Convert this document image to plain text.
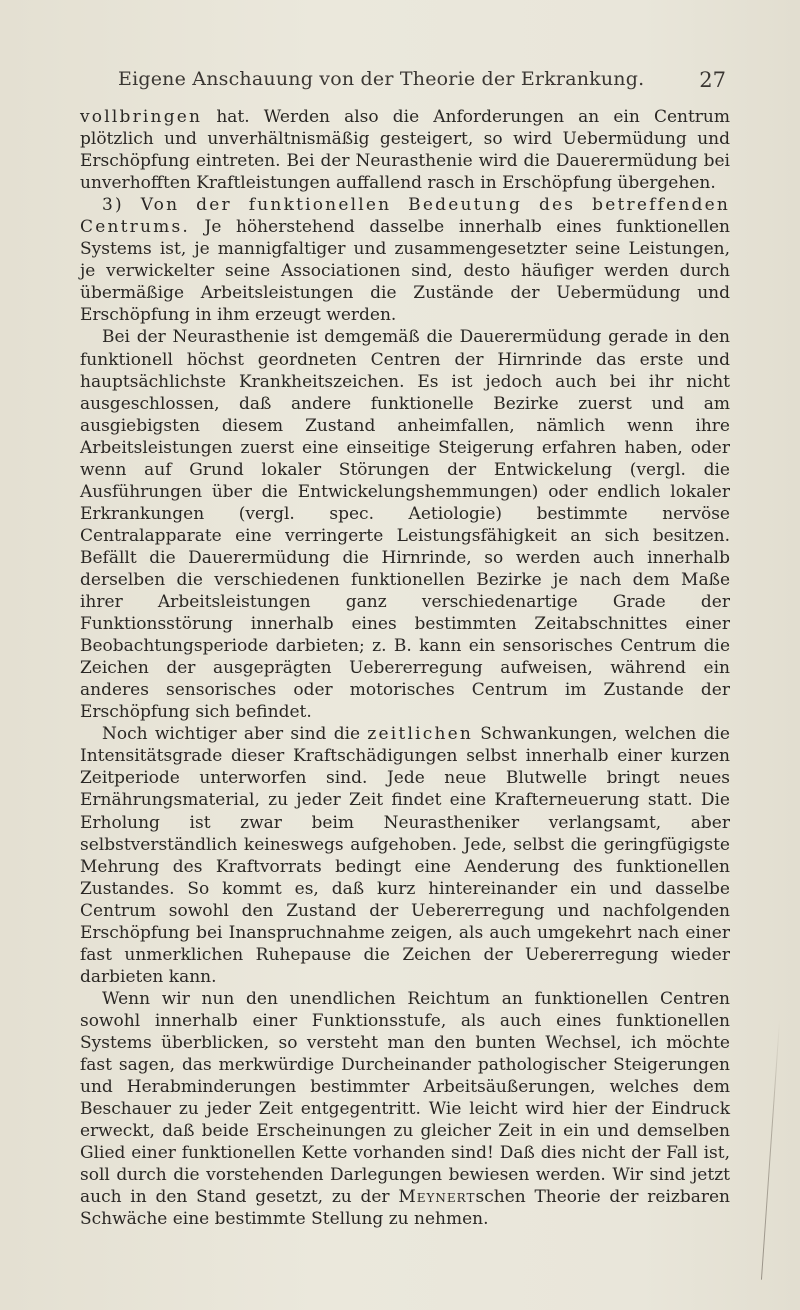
Eigene Anschauung von der Theorie der Erkrankung.	27

vollbringen hat. Werden also die Anforderungen an ein Centrum plötzlich und unverhältnismäßig gesteigert, so wird Uebermüdung und Erschöpfung eintreten. Bei der Neurasthenie wird die Dauerermüdung bei unverhofften Kraftleistungen auffallend rasch in Erschöpfung übergehen.

3) Von der funktionellen Bedeutung des betreffenden Centrums. Je höherstehend dasselbe innerhalb eines funktionellen Systems ist, je mannigfaltiger und zusammengesetzter seine Leistungen, je verwickelter seine Associationen sind, desto häufiger werden durch übermäßige Arbeitsleistungen die Zustände der Uebermüdung und Erschöpfung in ihm erzeugt werden.

Bei der Neurasthenie ist demgemäß die Dauerermüdung gerade in den funktionell höchst geordneten Centren der Hirnrinde das erste und hauptsächlichste Krankheitszeichen. Es ist jedoch auch bei ihr nicht ausgeschlossen, daß andere funktionelle Bezirke zuerst und am ausgiebigsten diesem Zustand anheimfallen, nämlich wenn ihre Arbeitsleistungen zuerst eine einseitige Steigerung erfahren haben, oder wenn auf Grund lokaler Störungen der Entwickelung (vergl. die Ausführungen über die Entwickelungshemmungen) oder endlich lokaler Erkrankungen (vergl. spec. Aetiologie) bestimmte nervöse Centralapparate eine verringerte Leistungsfähigkeit an sich besitzen. Befällt die Dauerermüdung die Hirnrinde, so werden auch innerhalb derselben die verschiedenen funktionellen Bezirke je nach dem Maße ihrer Arbeitsleistungen ganz verschiedenartige Grade der Funktionsstörung innerhalb eines bestimmten Zeitabschnittes einer Beobachtungsperiode darbieten; z. B. kann ein sensorisches Centrum die Zeichen der ausgeprägten Uebererregung aufweisen, während ein anderes sensorisches oder motorisches Centrum im Zustande der Erschöpfung sich befindet.

Noch wichtiger aber sind die zeitlichen Schwankungen, welchen die Intensitätsgrade dieser Kraftschädigungen selbst innerhalb einer kurzen Zeitperiode unterworfen sind. Jede neue Blutwelle bringt neues Ernährungsmaterial, zu jeder Zeit findet eine Krafterneuerung statt. Die Erholung ist zwar beim Neurastheniker verlangsamt, aber selbstverständlich keineswegs aufgehoben. Jede, selbst die geringfügigste Mehrung des Kraftvorrats bedingt eine Aenderung des funktionellen Zustandes. So kommt es, daß kurz hintereinander ein und dasselbe Centrum sowohl den Zustand der Uebererregung und nachfolgenden Erschöpfung bei Inanspruchnahme zeigen, als auch umgekehrt nach einer fast unmerklichen Ruhepause die Zeichen der Uebererregung wieder darbieten kann.

Wenn wir nun den unendlichen Reichtum an funktionellen Centren sowohl innerhalb einer Funktionsstufe, als auch eines funktionellen Systems überblicken, so versteht man den bunten Wechsel, ich möchte fast sagen, das merkwürdige Durcheinander pathologischer Steigerungen und Herabminderungen bestimmter Arbeitsäußerungen, welches dem Beschauer zu jeder Zeit entgegentritt. Wie leicht wird hier der Eindruck erweckt, daß beide Erscheinungen zu gleicher Zeit in ein und demselben Glied einer funktionellen Kette vorhanden sind! Daß dies nicht der Fall ist, soll durch die vorstehenden Darlegungen bewiesen werden. Wir sind jetzt auch in den Stand gesetzt, zu der Meynertschen Theorie der reizbaren Schwäche eine bestimmte Stellung zu nehmen.
